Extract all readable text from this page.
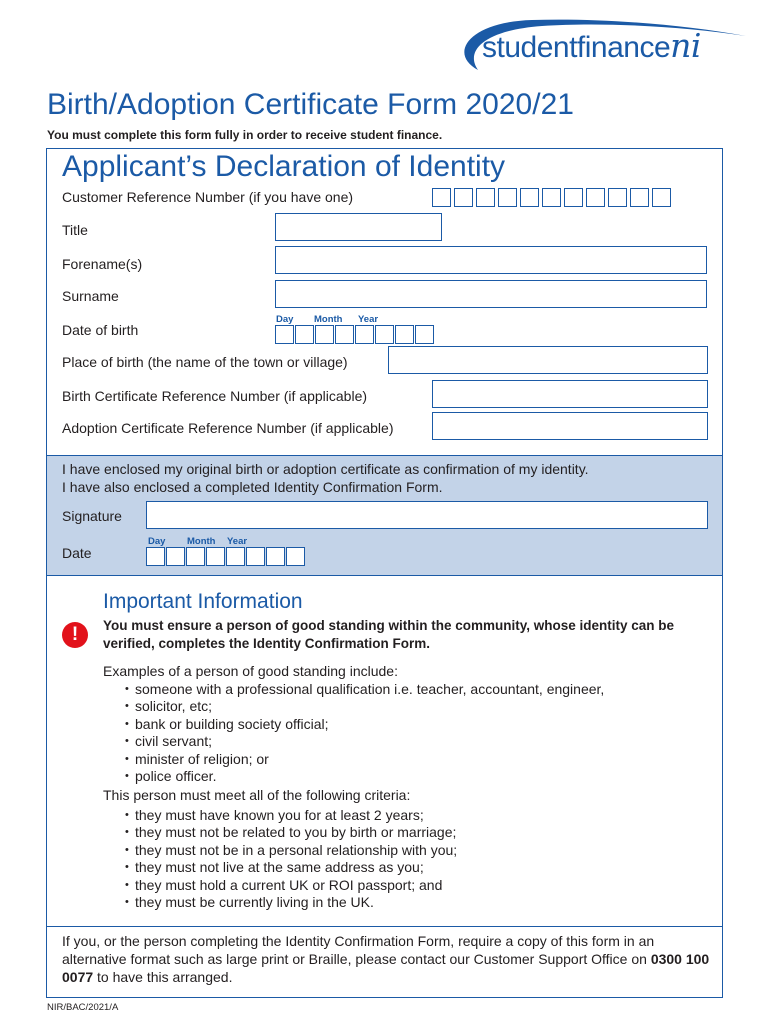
studentfinanceni
Birth/Adoption Certificate Form 2020/21
You must complete this form fully in order to receive student finance.
Applicant’s Declaration of Identity
Customer Reference Number (if you have one)
Title
Forename(s)
Surname
Date of birth
Day Month Year
Place of birth (the name of the town or village)
Birth Certificate Reference Number (if applicable)
Adoption Certificate Reference Number (if applicable)
I have enclosed my original birth or adoption certificate as confirmation of my identity.
I have also enclosed a completed Identity Confirmation Form.
Signature
Date
Day Month Year
Important Information
!	You must ensure a person of good standing within the community, whose identity can be verified, completes the Identity Confirmation Form.
Examples of a person of good standing include:
• someone with a professional qualification i.e. teacher, accountant, engineer,
• solicitor, etc;
• bank or building society official;
• civil servant;
• minister of religion; or
• police officer.
This person must meet all of the following criteria:
• they must have known you for at least 2 years;
• they must not be related to you by birth or marriage;
• they must not be in a personal relationship with you;
• they must not live at the same address as you;
• they must hold a current UK or ROI passport; and
• they must be currently living in the UK.
If you, or the person completing the Identity Confirmation Form, require a copy of this form in an alternative format such as large print or Braille, please contact our Customer Support Office on 0300 100 0077 to have this arranged.
NIR/BAC/2021/A
